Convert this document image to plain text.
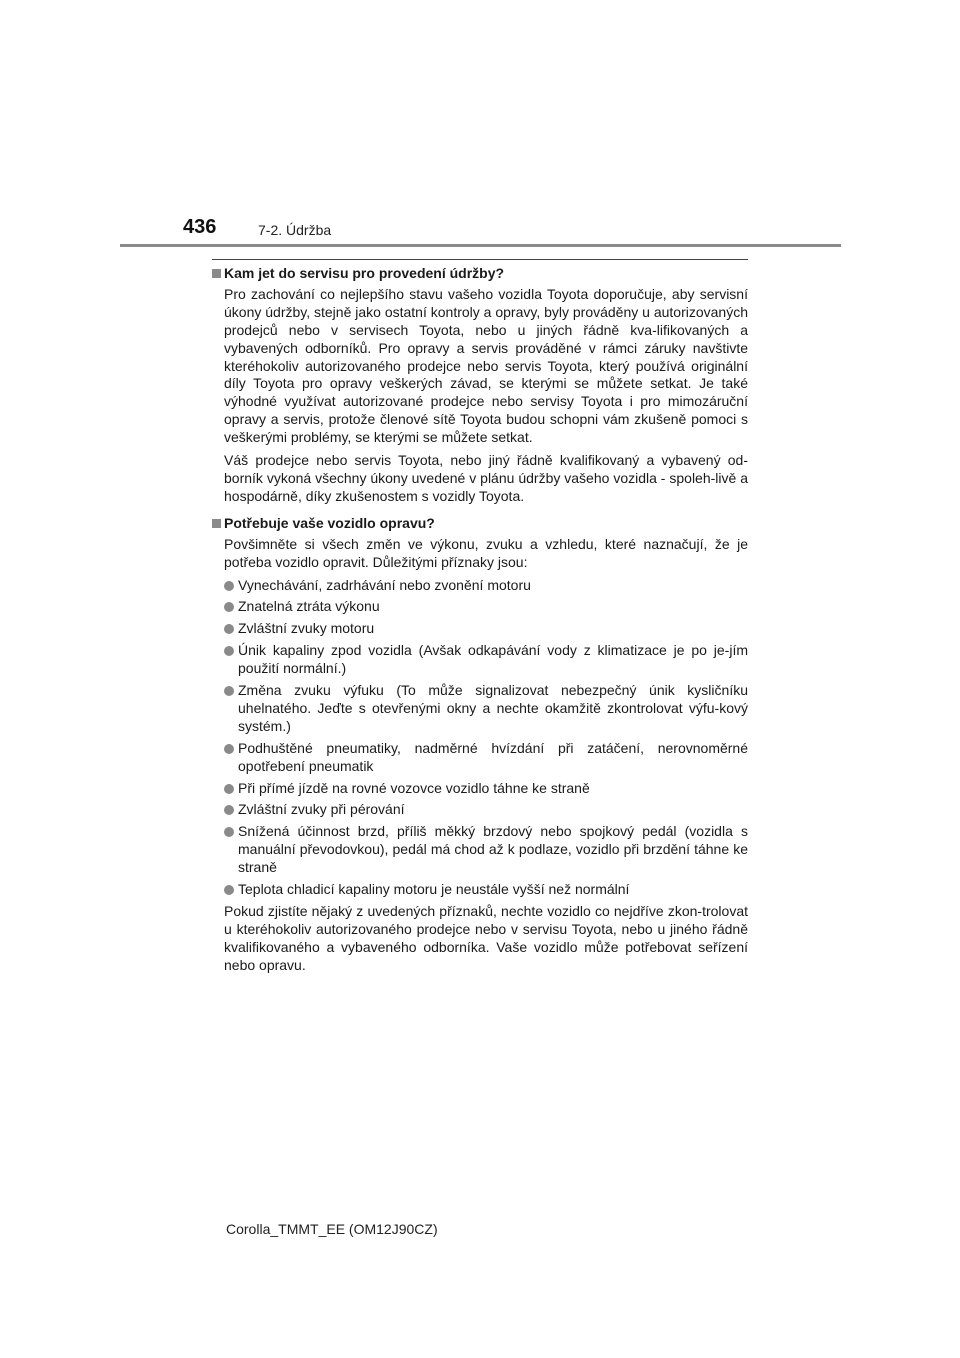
436	7-2. Údržba
Kam jet do servisu pro provedení údržby?

Pro zachování co nejlepšího stavu vašeho vozidla Toyota doporučuje, aby servisní úkony údržby, stejně jako ostatní kontroly a opravy, byly prováděny u autorizovaných prodejců nebo v servisech Toyota, nebo u jiných řádně kva-lifikovaných a vybavených odborníků. Pro opravy a servis prováděné v rámci záruky navštivte kteréhokoliv autorizovaného prodejce nebo servis Toyota, který používá originální díly Toyota pro opravy veškerých závad, se kterými se můžete setkat. Je také výhodné využívat autorizované prodejce nebo servisy Toyota i pro mimozáruční opravy a servis, protože členové sítě Toyota budou schopni vám zkušeně pomoci s veškerými problémy, se kterými se můžete setkat.

Váš prodejce nebo servis Toyota, nebo jiný řádně kvalifikovaný a vybavený od-borník vykoná všechny úkony uvedené v plánu údržby vašeho vozidla - spoleh-livě a hospodárně, díky zkušenostem s vozidly Toyota.

Potřebuje vaše vozidlo opravu?

Povšimněte si všech změn ve výkonu, zvuku a vzhledu, které naznačují, že je potřeba vozidlo opravit. Důležitými příznaky jsou:

Vynechávání, zadrhávání nebo zvonění motoru
Znatelná ztráta výkonu
Zvláštní zvuky motoru
Únik kapaliny zpod vozidla (Avšak odkapávání vody z klimatizace je po je-jím použití normální.)
Změna zvuku výfuku (To může signalizovat nebezpečný únik kysličníku uhelnatého. Jeďte s otevřenými okny a nechte okamžitě zkontrolovat výfu-kový systém.)
Podhuštěné pneumatiky, nadměrné hvízdání při zatáčení, nerovnoměrné opotřebení pneumatik
Při přímé jízdě na rovné vozovce vozidlo táhne ke straně
Zvláštní zvuky při pérování
Snížená účinnost brzd, příliš měkký brzdový nebo spojkový pedál (vozidla s manuální převodovkou), pedál má chod až k podlaze, vozidlo při brzdění táhne ke straně
Teplota chladicí kapaliny motoru je neustále vyšší než normální

Pokud zjistíte nějaký z uvedených příznaků, nechte vozidlo co nejdříve zkon-trolovat u kteréhokoliv autorizovaného prodejce nebo v servisu Toyota, nebo u jiného řádně kvalifikovaného a vybaveného odborníka. Vaše vozidlo může potřebovat seřízení nebo opravu.

Corolla_TMMT_EE (OM12J90CZ)
